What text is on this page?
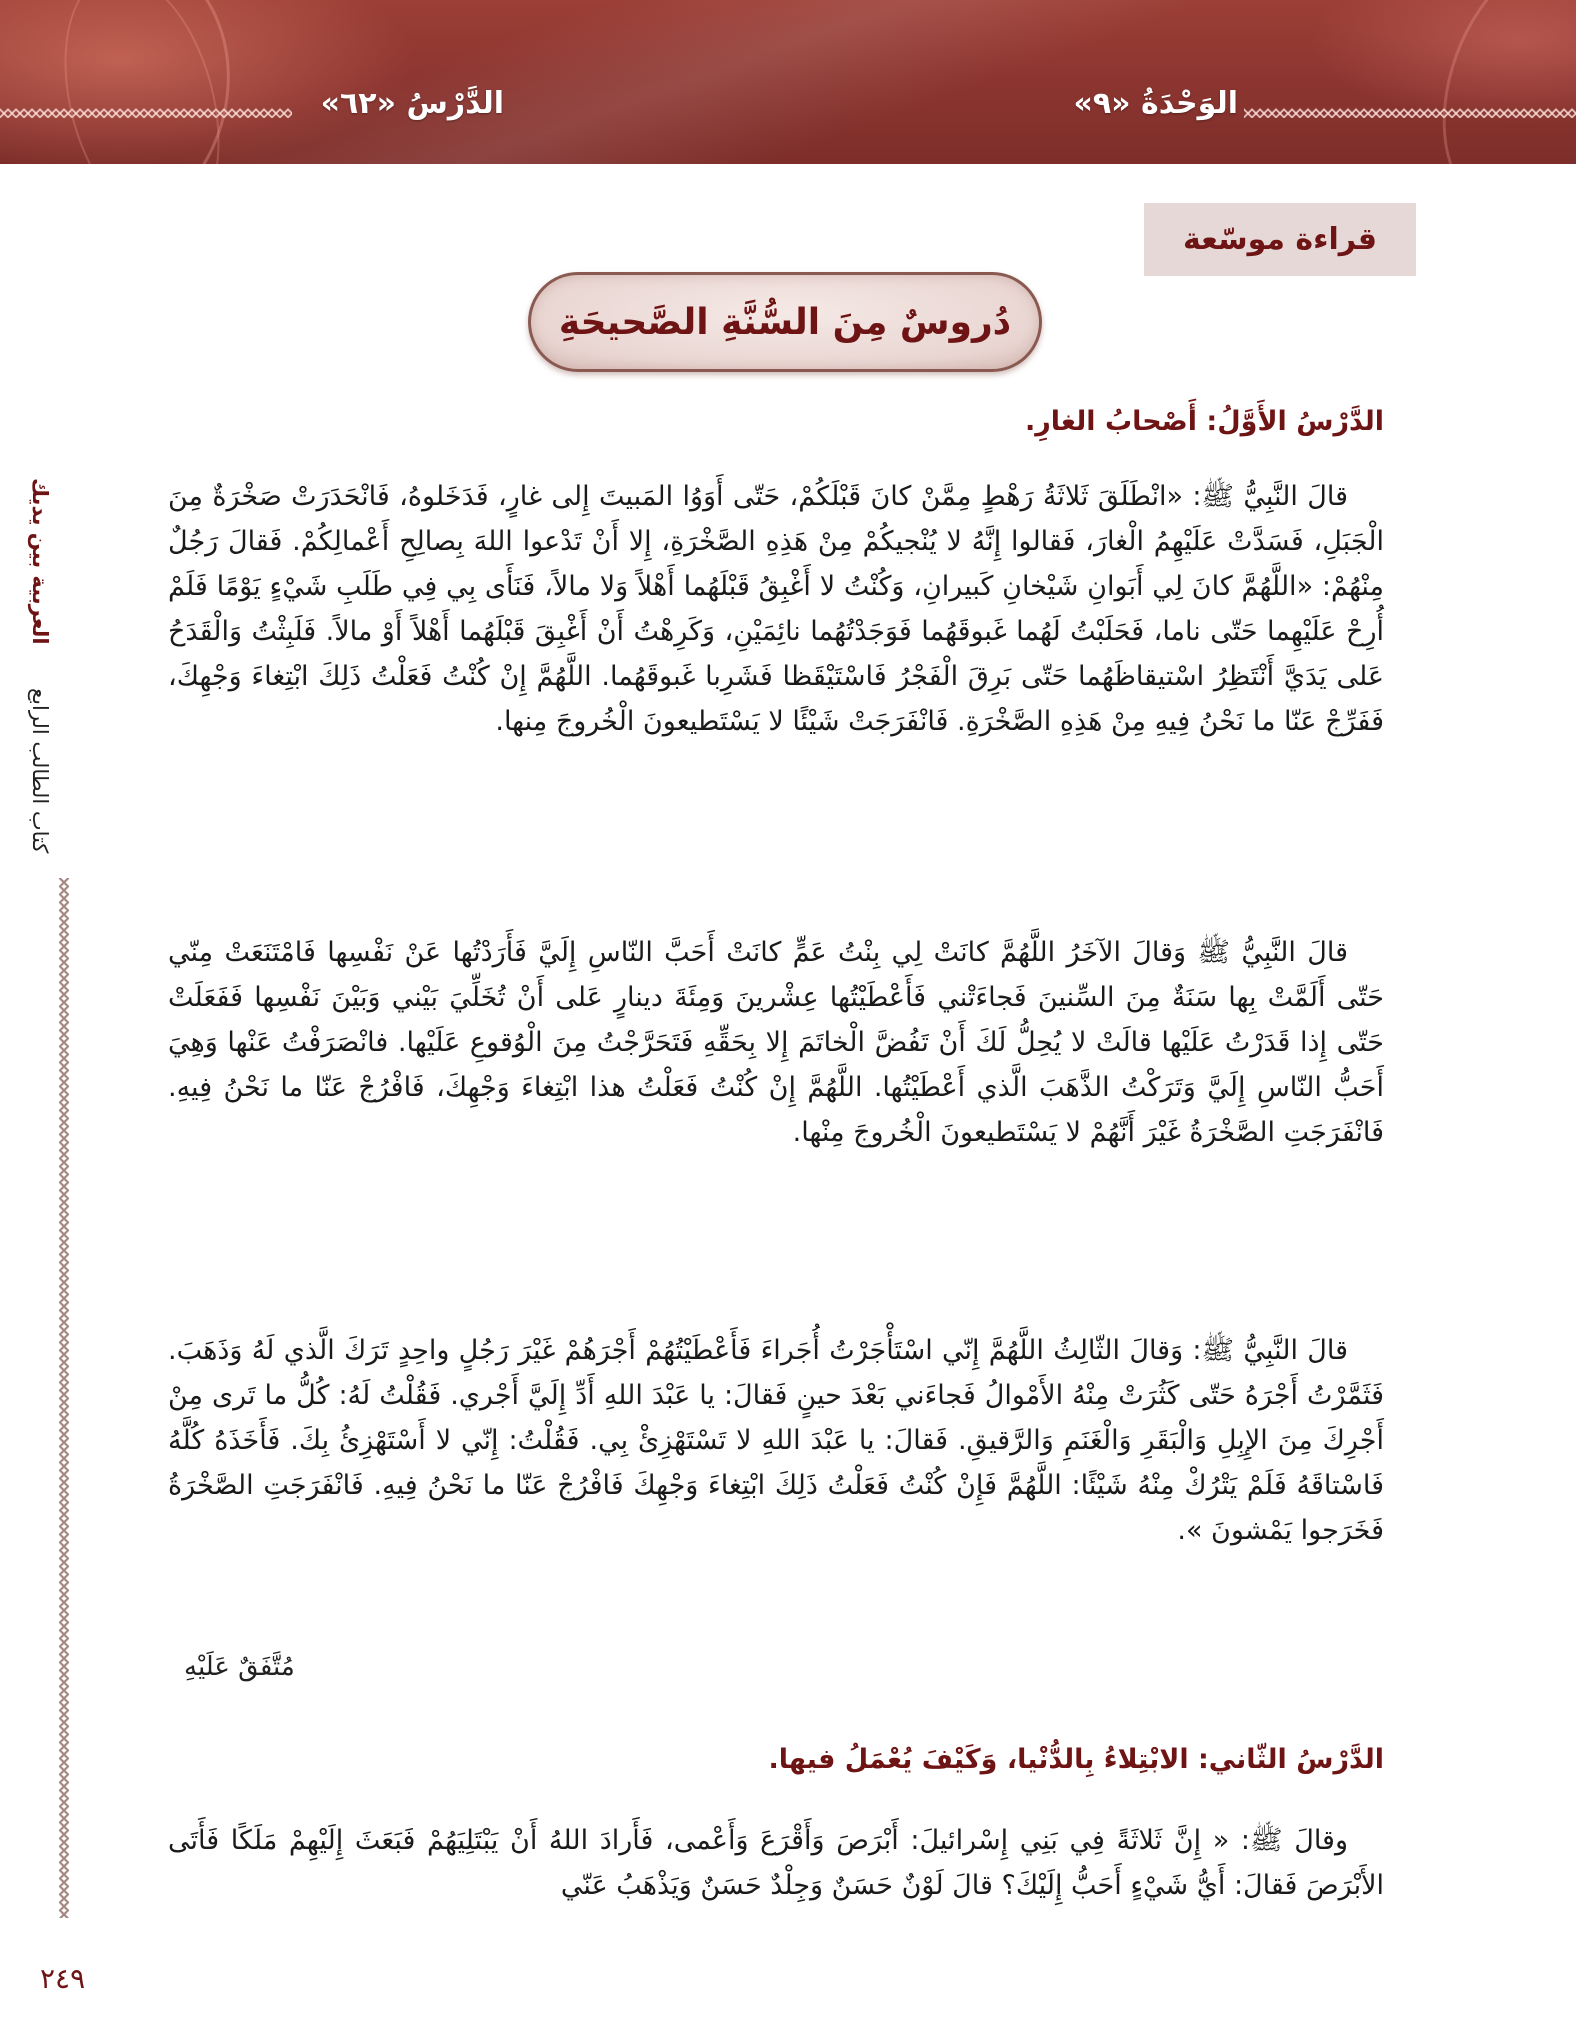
الوَحْدَةُ «٩»
الدَّرْسُ «٦٢»
قراءة موسّعة
دُروسٌ مِنَ السُّنَّةِ الصَّحيحَةِ
العربية بين يديك
كتاب الطالب الرابع
٢٤٩
الدَّرْسُ الأَوَّلُ: أَصْحابُ الغارِ.

قالَ النَّبِيُّ ﷺ: «انْطَلَقَ ثَلاثَةُ رَهْطٍ مِمَّنْ كانَ قَبْلَكُمْ، حَتّى أَوَوُا المَبيتَ إِلى غارٍ، فَدَخَلوهُ، فَانْحَدَرَتْ صَخْرَةٌ مِنَ الْجَبَلِ، فَسَدَّتْ عَلَيْهِمُ الْغارَ، فَقالوا إِنَّهُ لا يُنْجيكُمْ مِنْ هَذِهِ الصَّخْرَةِ، إِلا أَنْ تَدْعوا اللهَ بِصالِحِ أَعْمالِكُمْ. فَقالَ رَجُلٌ مِنْهُمْ: «اللَّهُمَّ كانَ لِي أَبَوانِ شَيْخانِ كَبيرانِ، وَكُنْتُ لا أَغْبِقُ قَبْلَهُما أَهْلاً وَلا مالاً، فَنَأَى بِي فِي طَلَبِ شَيْءٍ يَوْمًا فَلَمْ أُرِحْ عَلَيْهِما حَتّى ناما، فَحَلَبْتُ لَهُما غَبوقَهُما فَوَجَدْتُهُما نائِمَيْنِ، وَكَرِهْتُ أَنْ أَغْبِقَ قَبْلَهُما أَهْلاً أَوْ مالاً. فَلَبِثْتُ وَالْقَدَحُ عَلى يَدَيَّ أَنْتَظِرُ اسْتيقاظَهُما حَتّى بَرِقَ الْفَجْرُ فَاسْتَيْقَظا فَشَرِبا غَبوقَهُما. اللَّهُمَّ إِنْ كُنْتُ فَعَلْتُ ذَلِكَ ابْتِغاءَ وَجْهِكَ، فَفَرِّجْ عَنّا ما نَحْنُ فِيهِ مِنْ هَذِهِ الصَّخْرَةِ. فَانْفَرَجَتْ شَيْئًا لا يَسْتَطيعونَ الْخُروجَ مِنها.

قالَ النَّبِيُّ ﷺ وَقالَ الآخَرُ اللَّهُمَّ كانَتْ لِي بِنْتُ عَمٍّ كانَتْ أَحَبَّ النّاسِ إِلَيَّ فَأَرَدْتُها عَنْ نَفْسِها فَامْتَنَعَتْ مِنّي حَتّى أَلَمَّتْ بِها سَنَةٌ مِنَ السِّنينَ فَجاءَتْني فَأَعْطَيْتُها عِشْرينَ وَمِئَةَ دينارٍ عَلى أَنْ تُخَلِّيَ بَيْني وَبَيْنَ نَفْسِها فَفَعَلَتْ حَتّى إِذا قَدَرْتُ عَلَيْها قالَتْ لا يُحِلُّ لَكَ أَنْ تَفُضَّ الْخاتَمَ إِلا بِحَقِّهِ فَتَحَرَّجْتُ مِنَ الْوُقوعِ عَلَيْها. فانْصَرَفْتُ عَنْها وَهِيَ أَحَبُّ النّاسِ إِلَيَّ وَتَرَكْتُ الذَّهَبَ الَّذي أَعْطَيْتُها. اللَّهُمَّ إِنْ كُنْتُ فَعَلْتُ هذا ابْتِغاءَ وَجْهِكَ، فَافْرُجْ عَنّا ما نَحْنُ فِيهِ. فَانْفَرَجَتِ الصَّخْرَةُ غَيْرَ أَنَّهُمْ لا يَسْتَطيعونَ الْخُروجَ مِنْها.

قالَ النَّبِيُّ ﷺ: وَقالَ الثّالِثُ اللَّهُمَّ إِنّي اسْتَأْجَرْتُ أُجَراءَ فَأَعْطَيْتُهُمْ أَجْرَهُمْ غَيْرَ رَجُلٍ واحِدٍ تَرَكَ الَّذي لَهُ وَذَهَبَ. فَثَمَّرْتُ أَجْرَهُ حَتّى كَثُرَتْ مِنْهُ الأَمْوالُ فَجاءَني بَعْدَ حينٍ فَقالَ: يا عَبْدَ اللهِ أَدِّ إِلَيَّ أَجْري. فَقُلْتُ لَهُ: كُلُّ ما تَرى مِنْ أَجْرِكَ مِنَ الإِبِلِ وَالْبَقَرِ وَالْغَنَمِ وَالرَّقيقِ. فَقالَ: يا عَبْدَ اللهِ لا تَسْتَهْزِئْ بِي. فَقُلْتُ: إِنّي لا أَسْتَهْزِئُ بِكَ. فَأَخَذَهُ كُلَّهُ فَاسْتاقَهُ فَلَمْ يَتْرُكْ مِنْهُ شَيْئًا: اللَّهُمَّ فَإِنْ كُنْتُ فَعَلْتُ ذَلِكَ ابْتِغاءَ وَجْهِكَ فَافْرُجْ عَنّا ما نَحْنُ فِيهِ. فَانْفَرَجَتِ الصَّخْرَةُ فَخَرَجوا يَمْشونَ ».

مُتَّفَقٌ عَلَيْهِ
الدَّرْسُ الثّاني: الابْتِلاءُ بِالدُّنْيا، وَكَيْفَ يُعْمَلُ فيها.

وقالَ ﷺ: « إِنَّ ثَلاثَةً فِي بَنِي إِسْرائيلَ: أَبْرَصَ وَأَقْرَعَ وَأَعْمى، فَأَرادَ اللهُ أَنْ يَبْتَلِيَهُمْ فَبَعَثَ إِلَيْهِمْ مَلَكًا فَأَتَى الأَبْرَصَ فَقالَ: أَيُّ شَيْءٍ أَحَبُّ إِلَيْكَ؟ قالَ لَوْنٌ حَسَنٌ وَجِلْدٌ حَسَنٌ وَيَذْهَبُ عَنّي
